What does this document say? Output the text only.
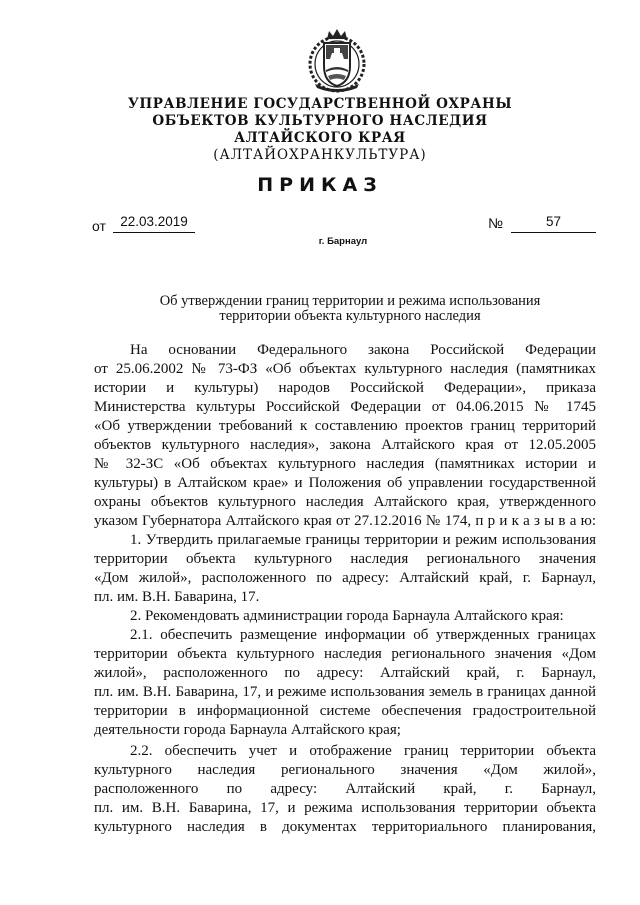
УПРАВЛЕНИЕ ГОСУДАРСТВЕННОЙ ОХРАНЫ
ОБЪЕКТОВ КУЛЬТУРНОГО НАСЛЕДИЯ
АЛТАЙСКОГО КРАЯ
(АЛТАЙОХРАНКУЛЬТУРА)
ПРИКАЗ
от	22.03.2019	№	57
г. Барнаул
Об утверждении границ территории и режима использования
территории объекта культурного наследия
На основании Федерального закона Российской Федерации
от 25.06.2002 № 73-ФЗ «Об объектах культурного наследия (памятниках
истории и культуры) народов Российской Федерации», приказа
Министерства культуры Российской Федерации от 04.06.2015 № 1745
«Об утверждении требований к составлению проектов границ территорий
объектов культурного наследия», закона Алтайского края от 12.05.2005
№ 32-ЗС «Об объектах культурного наследия (памятниках истории и
культуры) в Алтайском крае» и Положения об управлении государственной
охраны объектов культурного наследия Алтайского края, утвержденного
указом Губернатора Алтайского края от 27.12.2016 № 174, п р и к а з ы в а ю:
1. Утвердить прилагаемые границы территории и режим использования
территории объекта культурного наследия регионального значения
«Дом жилой», расположенного по адресу: Алтайский край, г. Барнаул,
пл. им. В.Н. Баварина, 17.
2. Рекомендовать администрации города Барнаула Алтайского края:
2.1. обеспечить размещение информации об утвержденных границах
территории объекта культурного наследия регионального значения «Дом
жилой», расположенного по адресу: Алтайский край, г. Барнаул,
пл. им. В.Н. Баварина, 17, и режиме использования земель в границах данной
территории в информационной системе обеспечения градостроительной
деятельности города Барнаула Алтайского края;
2.2. обеспечить учет и отображение границ территории объекта
культурного наследия регионального значения «Дом жилой»,
расположенного по адресу: Алтайский край, г. Барнаул,
пл. им. В.Н. Баварина, 17, и режима использования территории объекта
культурного наследия в документах территориального планирования,
